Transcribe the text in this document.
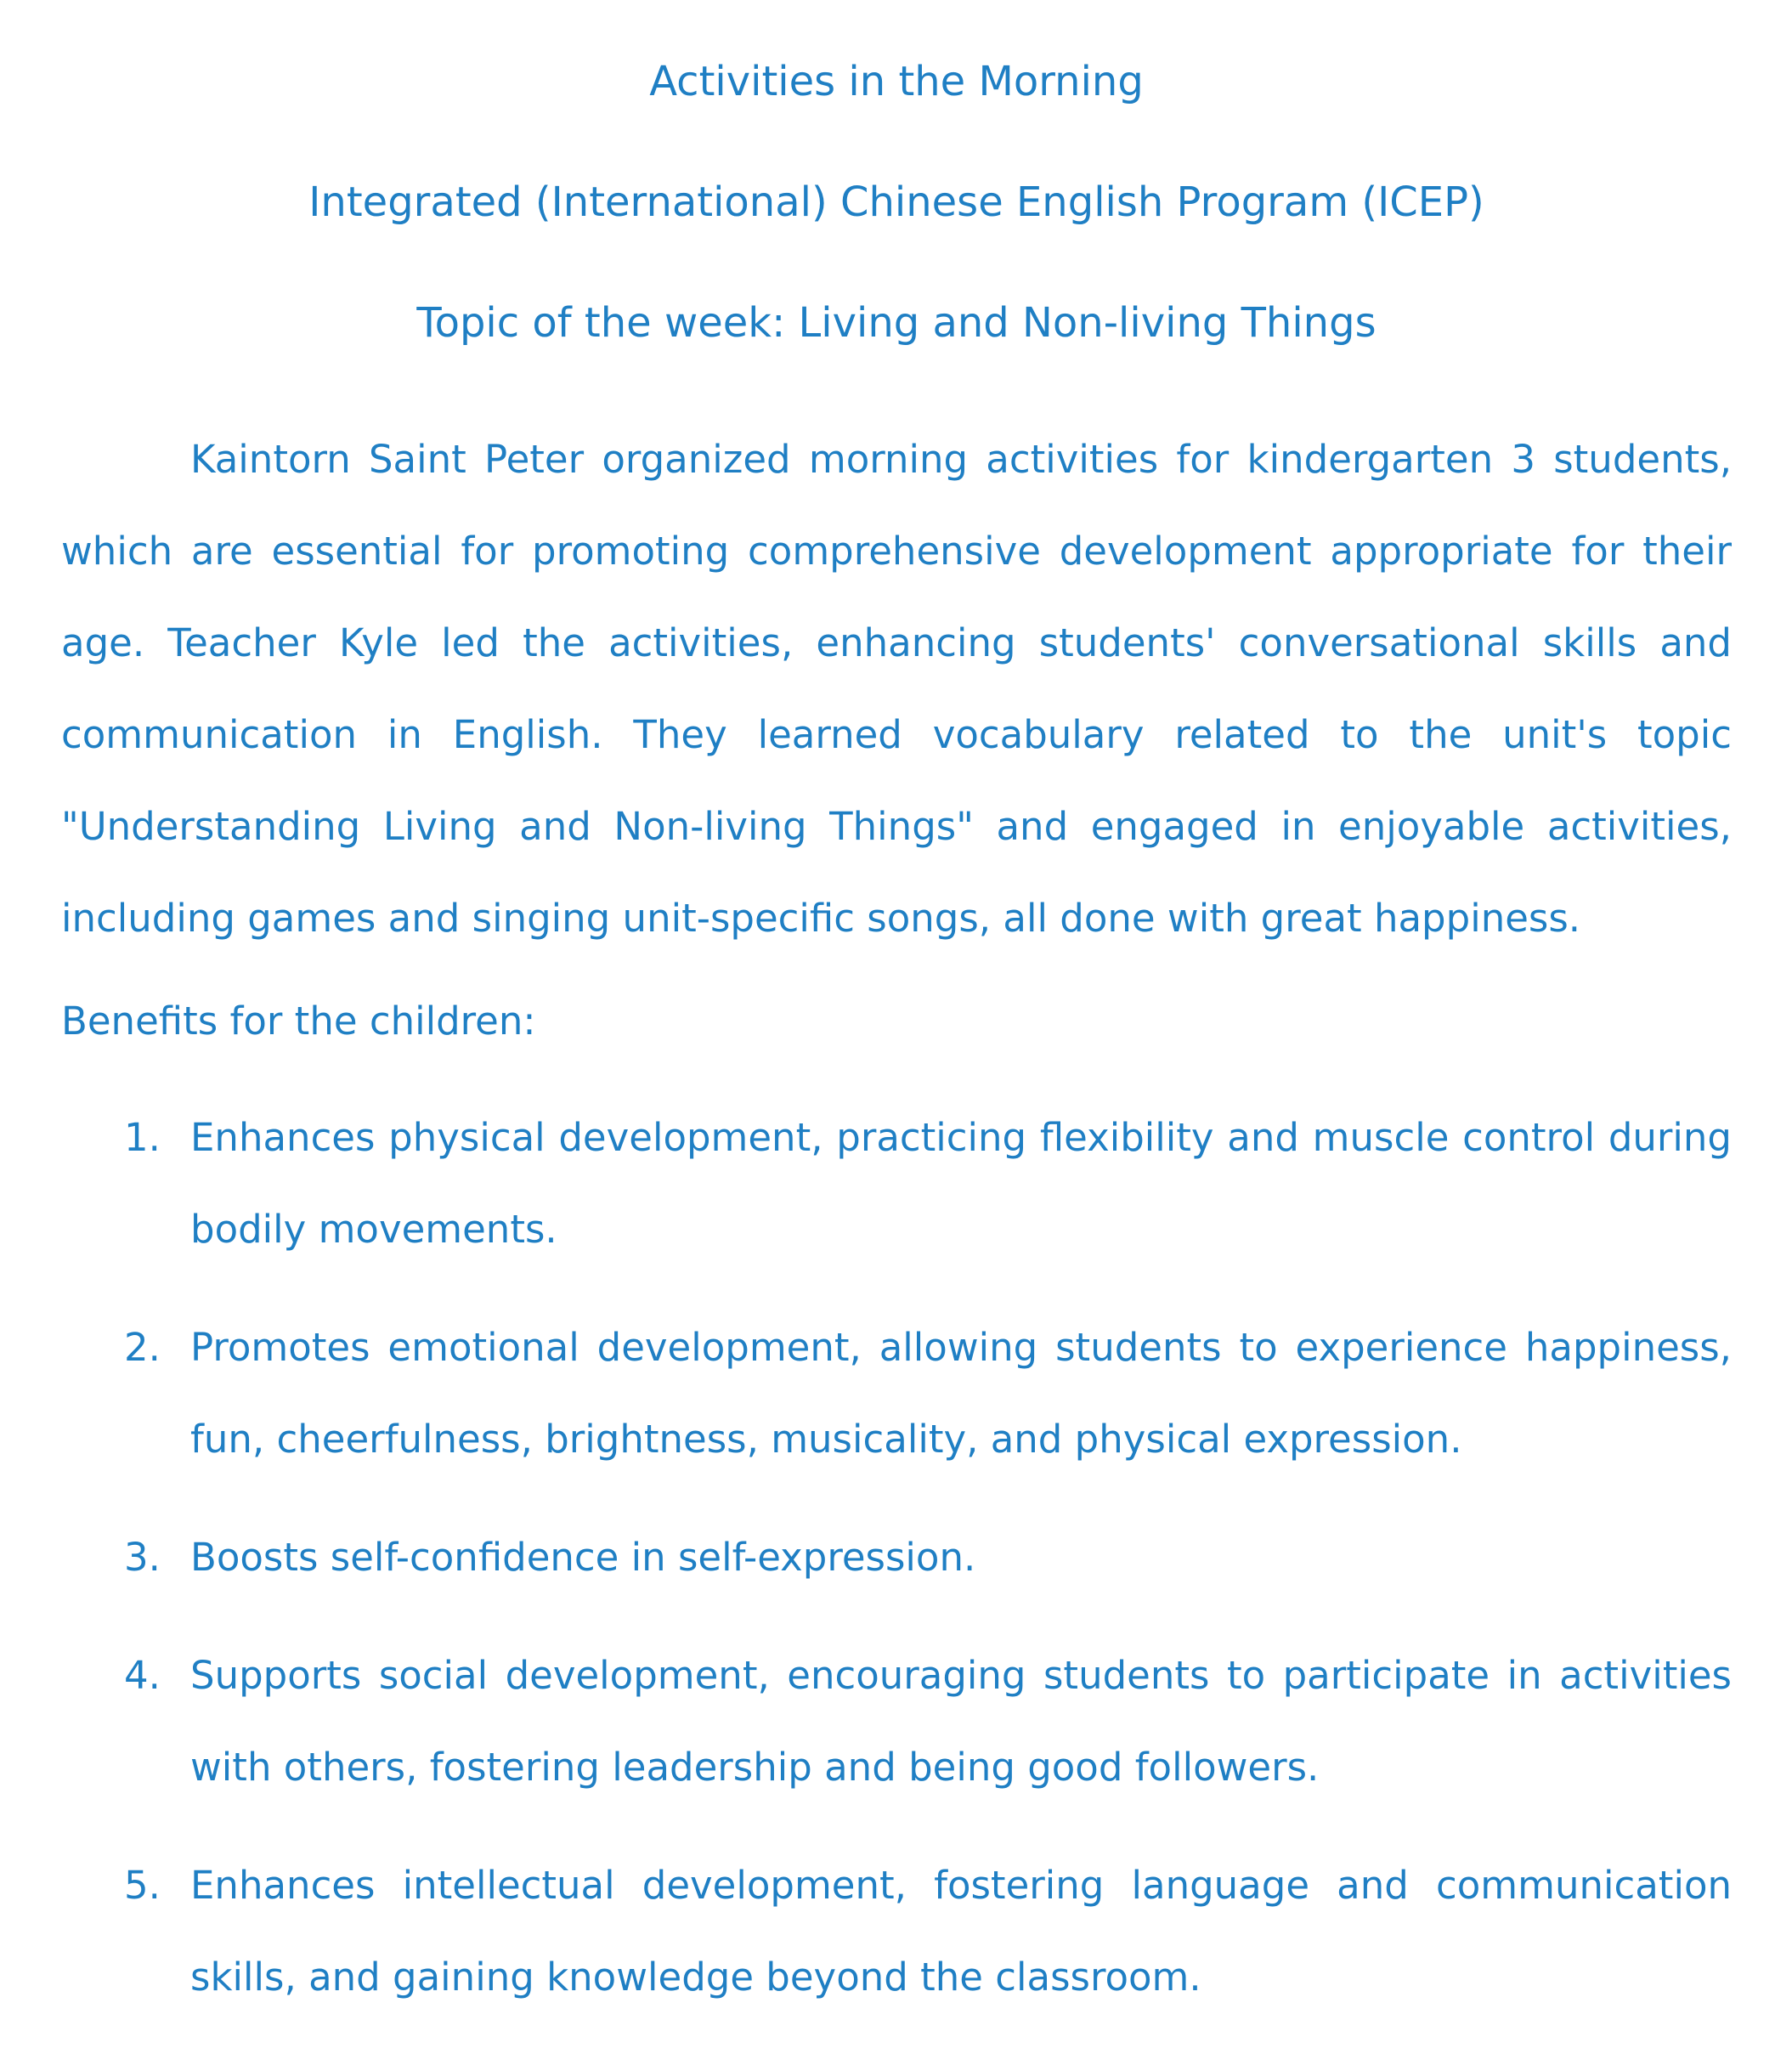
Activities in the Morning
Integrated (International) Chinese English Program (ICEP)
Topic of the week: Living and Non-living Things

Kaintorn Saint Peter organized morning activities for kindergarten 3 students, which are essential for promoting comprehensive development appropriate for their age. Teacher Kyle led the activities, enhancing students' conversational skills and communication in English. They learned vocabulary related to the unit's topic "Understanding Living and Non-living Things" and engaged in enjoyable activities, including games and singing unit-specific songs, all done with great happiness.

Benefits for the children:
1. Enhances physical development, practicing flexibility and muscle control during bodily movements.
2. Promotes emotional development, allowing students to experience happiness, fun, cheerfulness, brightness, musicality, and physical expression.
3. Boosts self-confidence in self-expression.
4. Supports social development, encouraging students to participate in activities with others, fostering leadership and being good followers.
5. Enhances intellectual development, fostering language and communication skills, and gaining knowledge beyond the classroom.
